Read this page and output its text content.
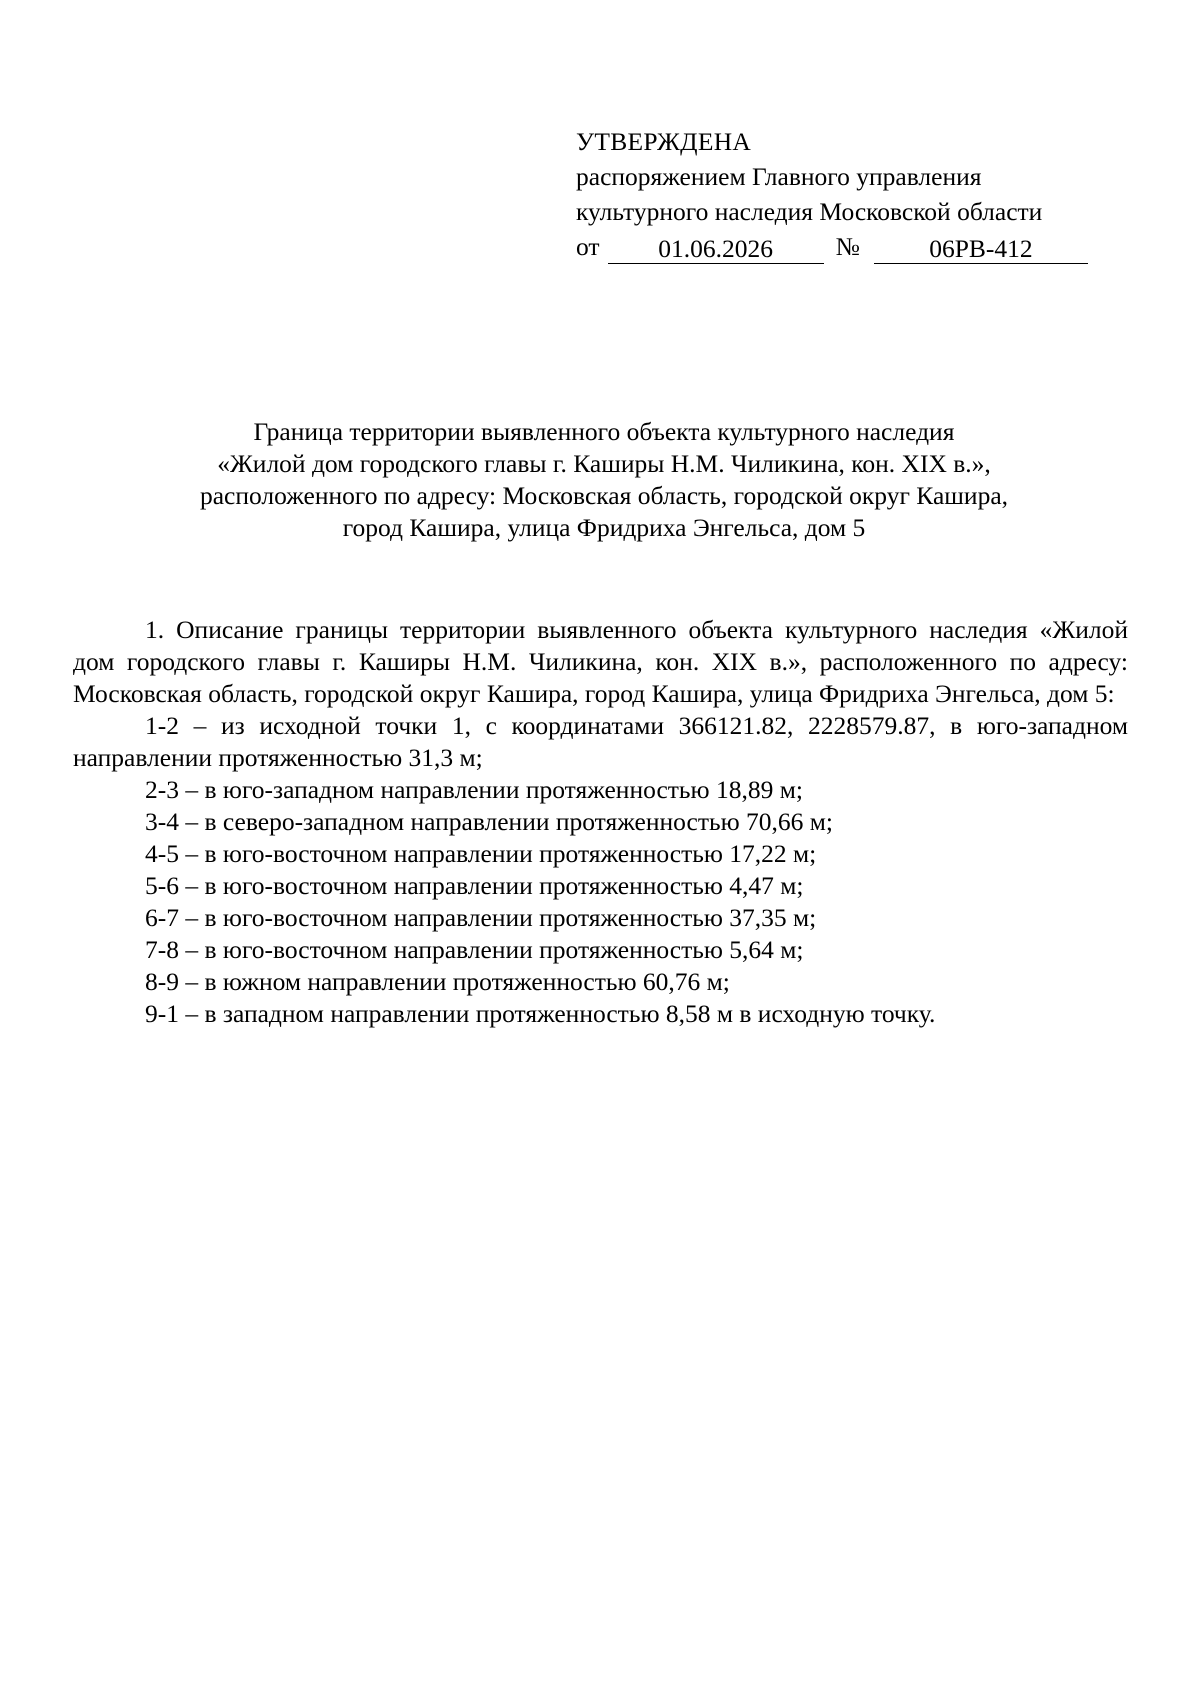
УТВЕРЖДЕНА
распоряжением Главного управления
культурного наследия Московской области
от	01.06.2026	№	06РВ-412
Граница территории выявленного объекта культурного наследия
«Жилой дом городского главы г. Каширы Н.М. Чиликина, кон. XIX в.»,
расположенного по адресу: Московская область, городской округ Кашира,
город Кашира, улица Фридриха Энгельса, дом 5

1. Описание границы территории выявленного объекта культурного наследия «Жилой дом городского главы г. Каширы Н.М. Чиликина, кон. XIX в.», расположенного по адресу: Московская область, городской округ Кашира, город Кашира, улица Фридриха Энгельса, дом 5:

1-2 – из исходной точки 1, с координатами 366121.82, 2228579.87, в юго-западном направлении протяженностью 31,3 м;

2-3 – в юго-западном направлении протяженностью 18,89 м;

3-4 – в северо-западном направлении протяженностью 70,66 м;

4-5 – в юго-восточном направлении протяженностью 17,22 м;

5-6 – в юго-восточном направлении протяженностью 4,47 м;

6-7 – в юго-восточном направлении протяженностью 37,35 м;

7-8 – в юго-восточном направлении протяженностью 5,64 м;

8-9 – в южном направлении протяженностью 60,76 м;

9-1 – в западном направлении протяженностью 8,58 м в исходную точку.
